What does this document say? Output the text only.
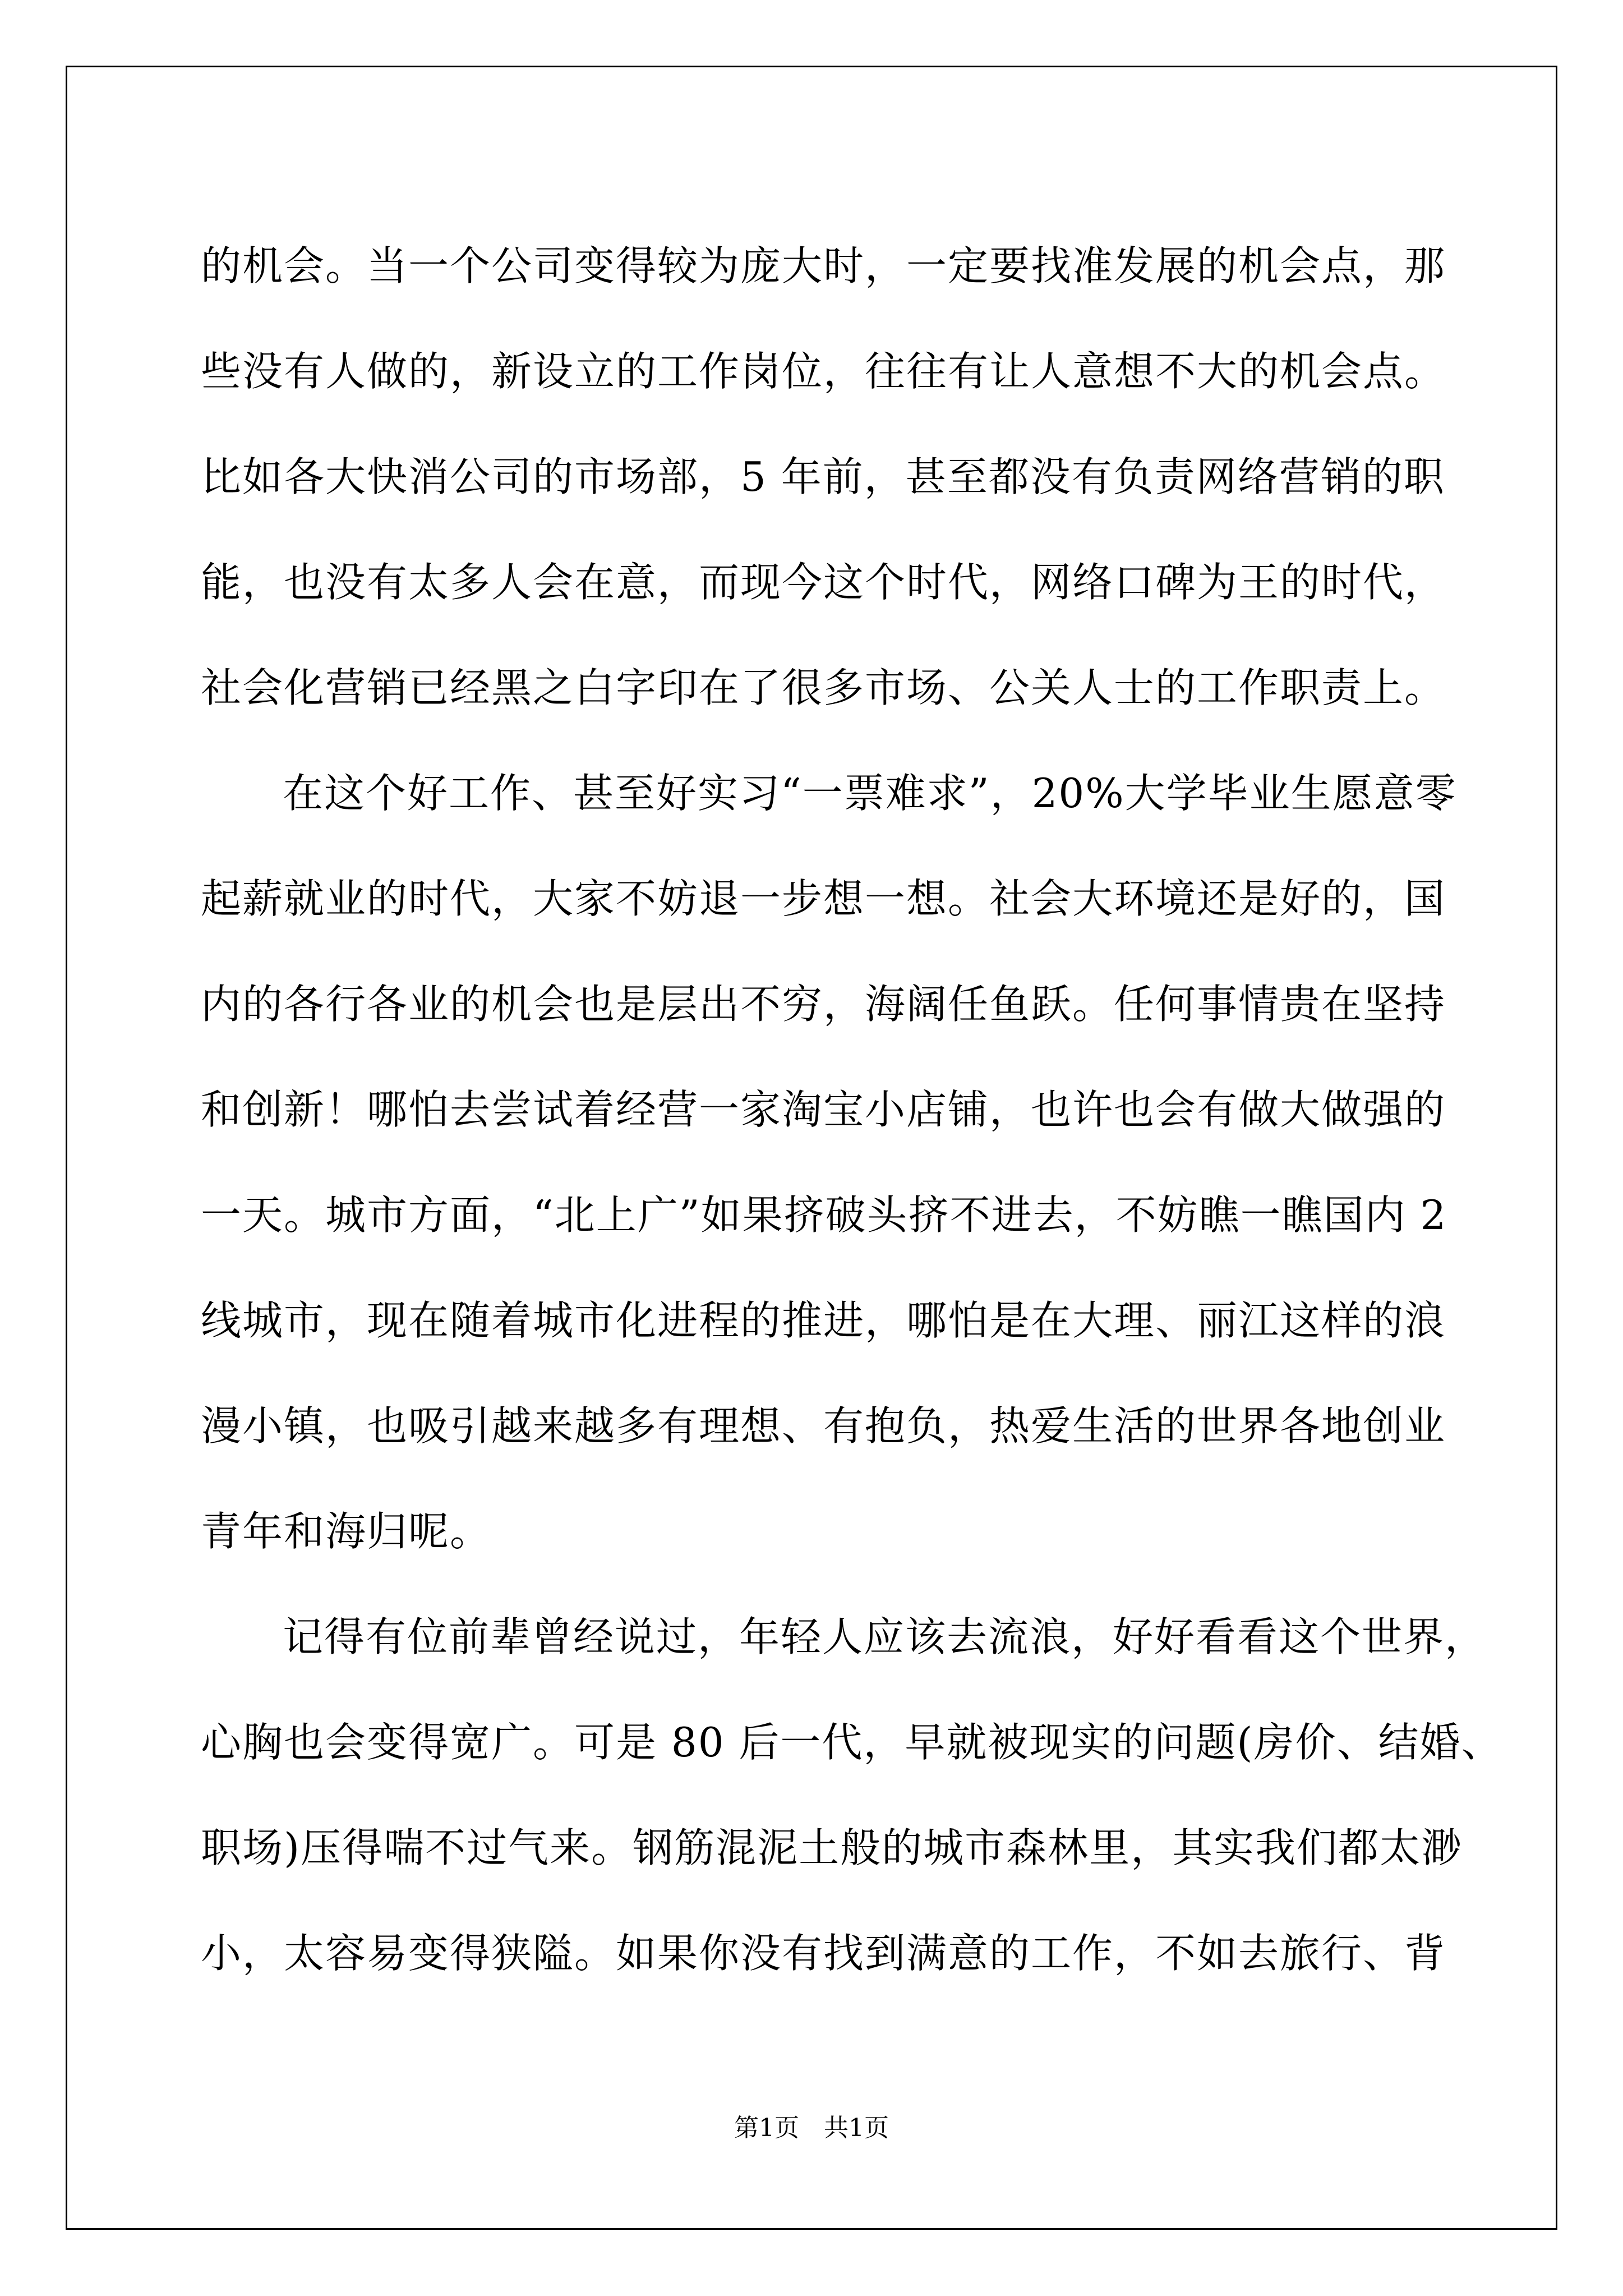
的机会。当一个公司变得较为庞大时，一定要找准发展的机会点，那
些没有人做的，新设立的工作岗位，往往有让人意想不大的机会点。
比如各大快消公司的市场部，5 年前，甚至都没有负责网络营销的职
能，也没有太多人会在意，而现今这个时代，网络口碑为王的时代，
社会化营销已经黑之白字印在了很多市场、公关人士的工作职责上。
在这个好工作、甚至好实习“一票难求”，20%大学毕业生愿意零
起薪就业的时代，大家不妨退一步想一想。社会大环境还是好的，国
内的各行各业的机会也是层出不穷，海阔任鱼跃。任何事情贵在坚持
和创新！哪怕去尝试着经营一家淘宝小店铺，也许也会有做大做强的
一天。城市方面，“北上广”如果挤破头挤不进去，不妨瞧一瞧国内 2
线城市，现在随着城市化进程的推进，哪怕是在大理、丽江这样的浪
漫小镇，也吸引越来越多有理想、有抱负，热爱生活的世界各地创业
青年和海归呢。
记得有位前辈曾经说过，年轻人应该去流浪，好好看看这个世界，
心胸也会变得宽广。可是 80 后一代，早就被现实的问题(房价、结婚、
职场)压得喘不过气来。钢筋混泥土般的城市森林里，其实我们都太渺
小，太容易变得狭隘。如果你没有找到满意的工作，不如去旅行、背
第1页　共1页
